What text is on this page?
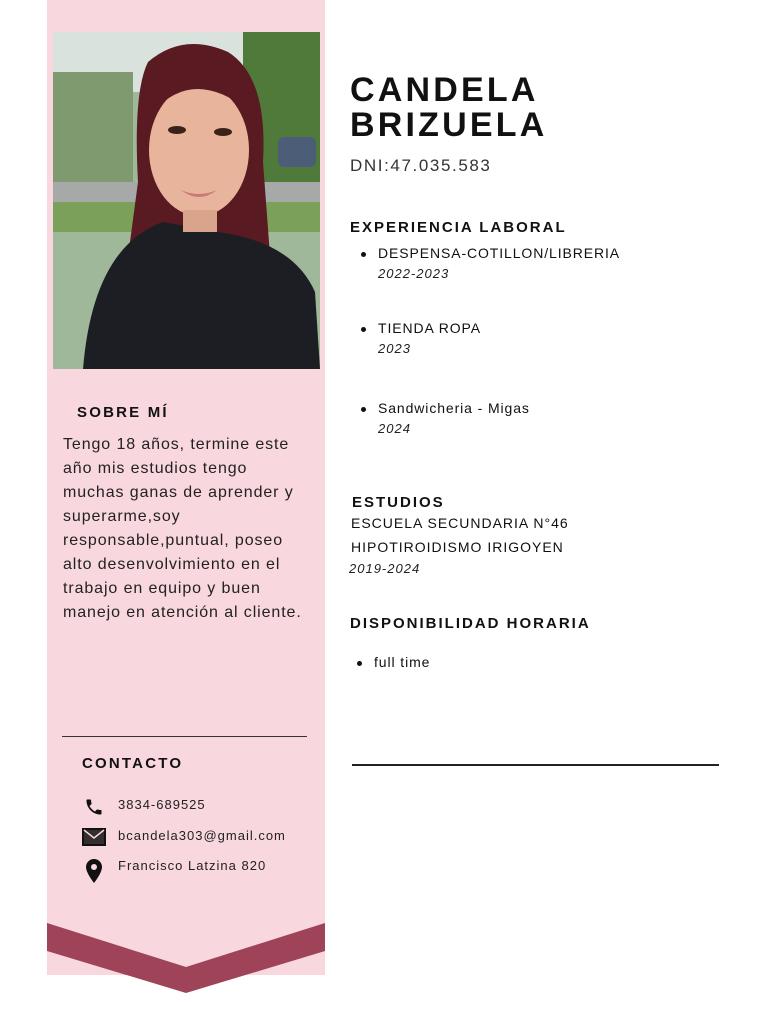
SOBRE MÍ
Tengo 18 años, termine este año mis estudios tengo muchas ganas de aprender y superarme,soy responsable,puntual, poseo alto desenvolvimiento en el trabajo en equipo y buen manejo en atención al cliente.
CONTACTO
3834-689525
bcandela303@gmail.com
Francisco Latzina 820
CANDELA
BRIZUELA
DNI:47.035.583
EXPERIENCIA LABORAL
DESPENSA-COTILLON/LIBRERIA
2022-2023
TIENDA ROPA
2023
Sandwicheria - Migas
2024
ESTUDIOS
ESCUELA SECUNDARIA N°46
HIPOTIROIDISMO IRIGOYEN
2019-2024
DISPONIBILIDAD HORARIA
full time
